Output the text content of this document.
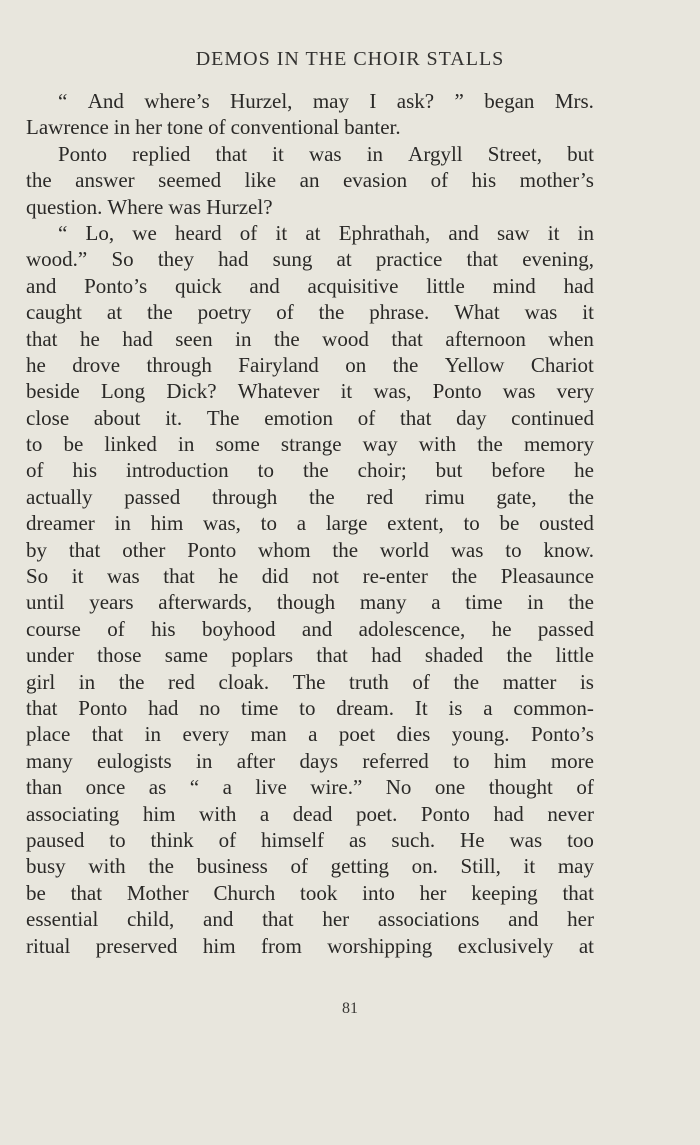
DEMOS IN THE CHOIR STALLS
“ And where’s Hurzel, may I ask? ” began Mrs.
Lawrence in her tone of conventional banter.
Ponto replied that it was in Argyll Street, but
the answer seemed like an evasion of his mother’s
question. Where was Hurzel?
“ Lo, we heard of it at Ephrathah, and saw it in
wood.” So they had sung at practice that evening,
and Ponto’s quick and acquisitive little mind had
caught at the poetry of the phrase. What was it
that he had seen in the wood that afternoon when
he drove through Fairyland on the Yellow Chariot
beside Long Dick? Whatever it was, Ponto was very
close about it. The emotion of that day continued
to be linked in some strange way with the memory
of his introduction to the choir; but before he
actually passed through the red rimu gate, the
dreamer in him was, to a large extent, to be ousted
by that other Ponto whom the world was to know.
So it was that he did not re-enter the Pleasaunce
until years afterwards, though many a time in the
course of his boyhood and adolescence, he passed
under those same poplars that had shaded the little
girl in the red cloak. The truth of the matter is
that Ponto had no time to dream. It is a common-
place that in every man a poet dies young. Ponto’s
many eulogists in after days referred to him more
than once as “ a live wire.” No one thought of
associating him with a dead poet. Ponto had never
paused to think of himself as such. He was too
busy with the business of getting on. Still, it may
be that Mother Church took into her keeping that
essential child, and that her associations and her
ritual preserved him from worshipping exclusively at
81
